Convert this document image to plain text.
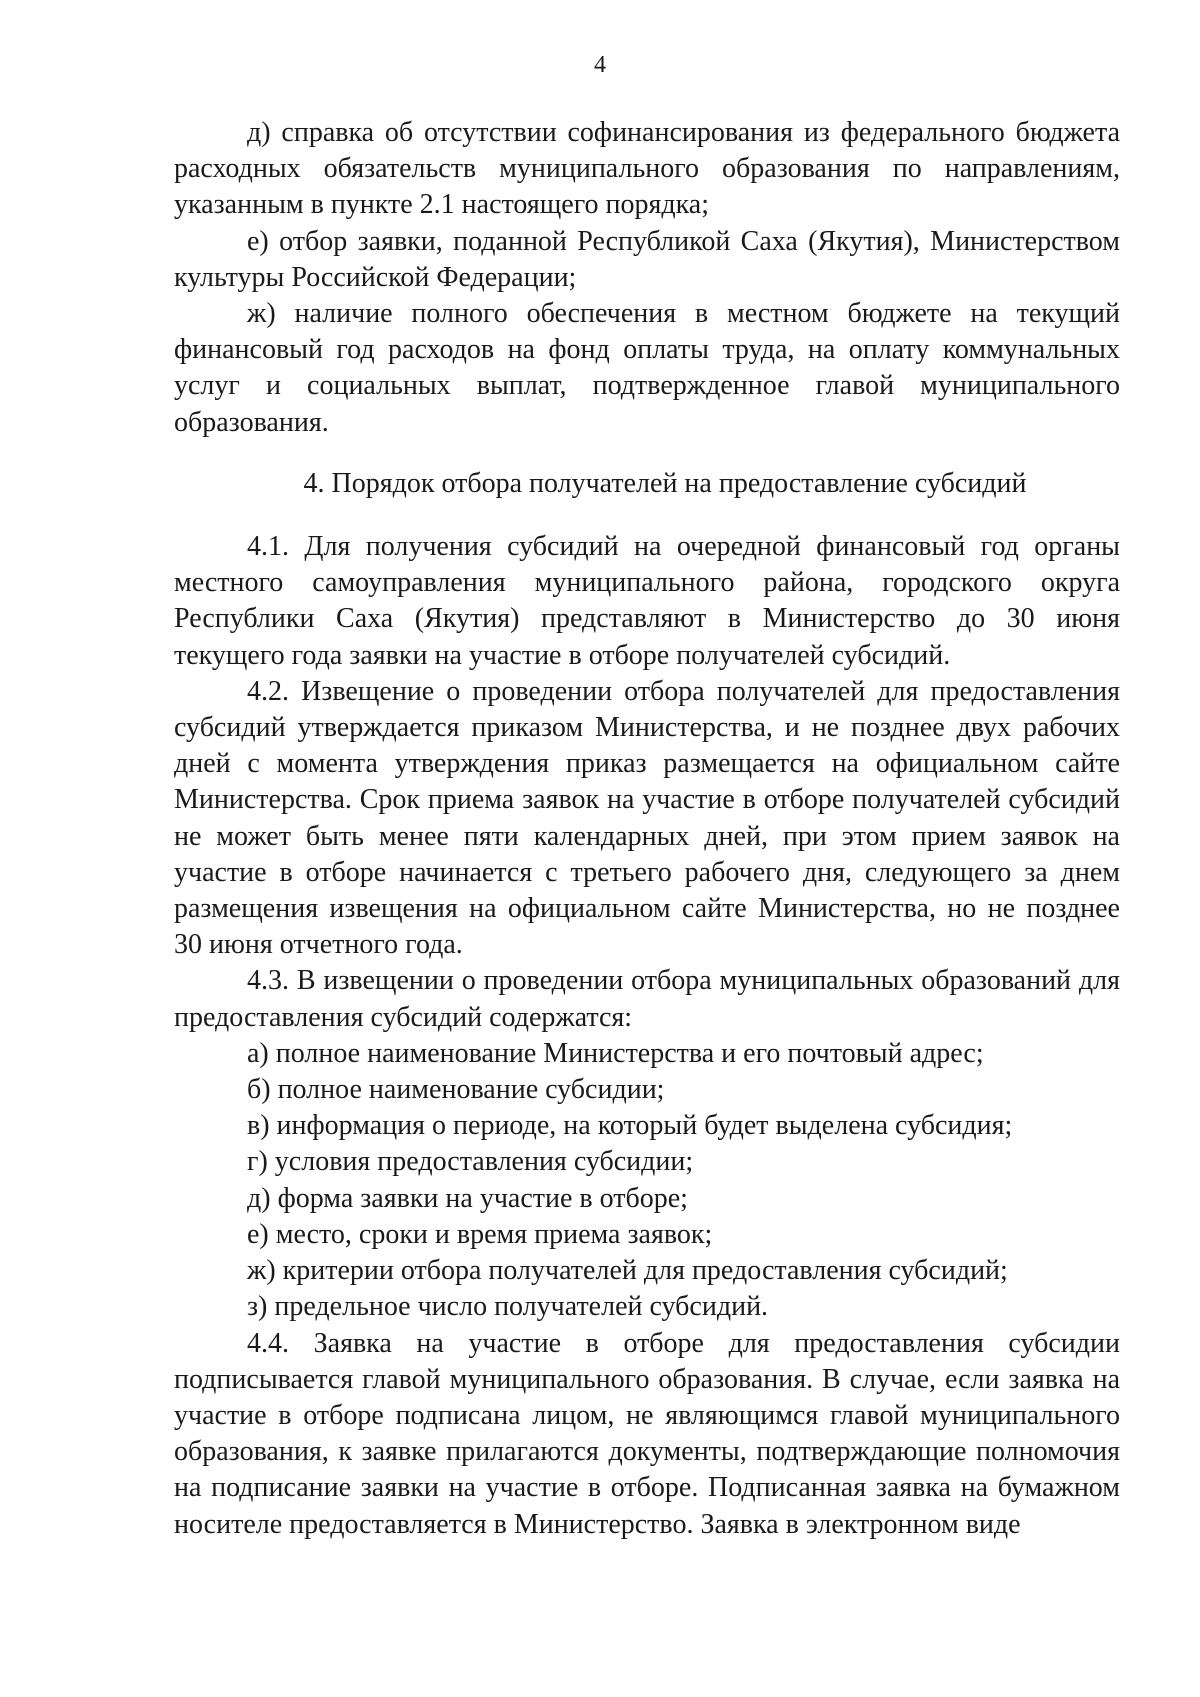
4

д) справка об отсутствии софинансирования из федерального бюджета расходных обязательств муниципального образования по направлениям, указанным в пункте 2.1 настоящего порядка;

е) отбор заявки, поданной Республикой Саха (Якутия), Министерством культуры Российской Федерации;

ж) наличие полного обеспечения в местном бюджете на текущий финансовый год расходов на фонд оплаты труда, на оплату коммунальных услуг и социальных выплат, подтвержденное главой муниципального образования.

4. Порядок отбора получателей на предоставление субсидий

4.1. Для получения субсидий на очередной финансовый год органы местного самоуправления муниципального района, городского округа Республики Саха (Якутия) представляют в Министерство до 30 июня текущего года заявки на участие в отборе получателей субсидий.

4.2. Извещение о проведении отбора получателей для предоставления субсидий утверждается приказом Министерства, и не позднее двух рабочих дней с момента утверждения приказ размещается на официальном сайте Министерства. Срок приема заявок на участие в отборе получателей субсидий не может быть менее пяти календарных дней, при этом прием заявок на участие в отборе начинается с третьего рабочего дня, следующего за днем размещения извещения на официальном сайте Министерства, но не позднее 30 июня отчетного года.

4.3. В извещении о проведении отбора муниципальных образований для предоставления субсидий содержатся:

а) полное наименование Министерства и его почтовый адрес;

б) полное наименование субсидии;

в) информация о периоде, на который будет выделена субсидия;

г) условия предоставления субсидии;

д) форма заявки на участие в отборе;

е) место, сроки и время приема заявок;

ж) критерии отбора получателей для предоставления субсидий;

з) предельное число получателей субсидий.

4.4. Заявка на участие в отборе для предоставления субсидии подписывается главой муниципального образования. В случае, если заявка на участие в отборе подписана лицом, не являющимся главой муниципального образования, к заявке прилагаются документы, подтверждающие полномочия на подписание заявки на участие в отборе. Подписанная заявка на бумажном носителе предоставляется в Министерство. Заявка в электронном виде
